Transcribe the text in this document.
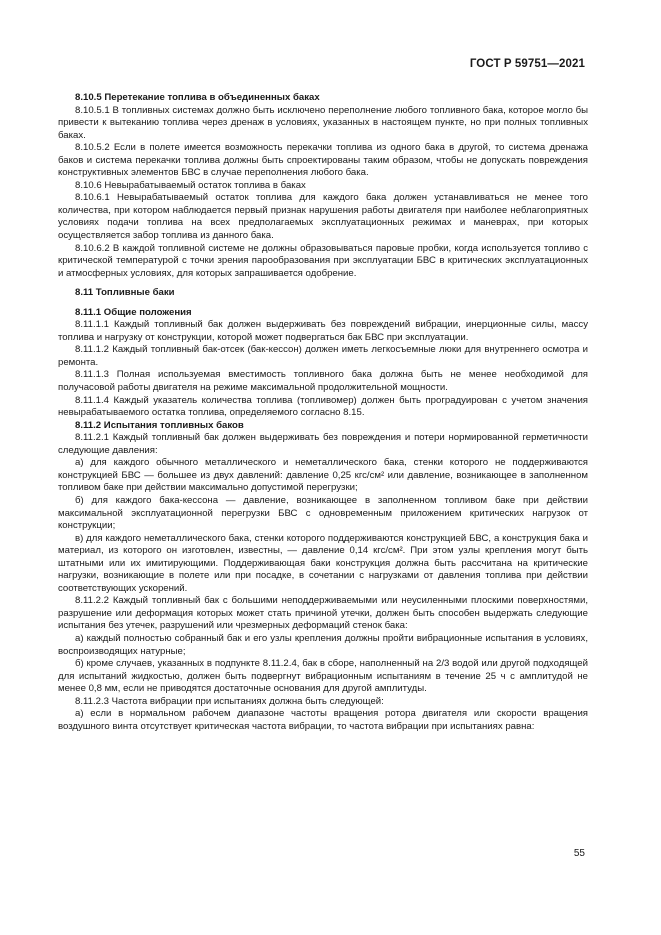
ГОСТ Р 59751—2021

8.10.5 Перетекание топлива в объединенных баках

8.10.5.1 В топливных системах должно быть исключено переполнение любого топливного бака, которое могло бы привести к вытеканию топлива через дренаж в условиях, указанных в настоящем пункте, но при полных топливных баках.

8.10.5.2 Если в полете имеется возможность перекачки топлива из одного бака в другой, то система дренажа баков и система перекачки топлива должны быть спроектированы таким образом, чтобы не допускать повреждения конструктивных элементов БВС в случае переполнения любого бака.

8.10.6 Невырабатываемый остаток топлива в баках

8.10.6.1 Невырабатываемый остаток топлива для каждого бака должен устанавливаться не менее того количества, при котором наблюдается первый признак нарушения работы двигателя при наиболее неблагоприятных условиях подачи топлива на всех предполагаемых эксплуатационных режимах и маневрах, при которых осуществляется забор топлива из данного бака.

8.10.6.2 В каждой топливной системе не должны образовываться паровые пробки, когда используется топливо с критической температурой с точки зрения парообразования при эксплуатации БВС в критических эксплуатационных и атмосферных условиях, для которых запрашивается одобрение.

8.11 Топливные баки

8.11.1 Общие положения

8.11.1.1 Каждый топливный бак должен выдерживать без повреждений вибрации, инерционные силы, массу топлива и нагрузку от конструкции, которой может подвергаться бак БВС при эксплуатации.

8.11.1.2 Каждый топливный бак-отсек (бак-кессон) должен иметь легкосъемные люки для внутреннего осмотра и ремонта.

8.11.1.3 Полная используемая вместимость топливного бака должна быть не менее необходимой для получасовой работы двигателя на режиме максимальной продолжительной мощности.

8.11.1.4 Каждый указатель количества топлива (топливомер) должен быть проградуирован с учетом значения невырабатываемого остатка топлива, определяемого согласно 8.15.

8.11.2 Испытания топливных баков

8.11.2.1 Каждый топливный бак должен выдерживать без повреждения и потери нормированной герметичности следующие давления:

а) для каждого обычного металлического и неметаллического бака, стенки которого не поддерживаются конструкцией БВС — большее из двух давлений: давление 0,25 кгс/см² или давление, возникающее в заполненном топливом баке при действии максимально допустимой перегрузки;

б) для каждого бака-кессона — давление, возникающее в заполненном топливом баке при действии максимальной эксплуатационной перегрузки БВС с одновременным приложением критических нагрузок от конструкции;

в) для каждого неметаллического бака, стенки которого поддерживаются конструкцией БВС, а конструкция бака и материал, из которого он изготовлен, известны, — давление 0,14 кгс/см². При этом узлы крепления могут быть штатными или их имитирующими. Поддерживающая баки конструкция должна быть рассчитана на критические нагрузки, возникающие в полете или при посадке, в сочетании с нагрузками от давления топлива при действии соответствующих ускорений.

8.11.2.2 Каждый топливный бак с большими неподдерживаемыми или неусиленными плоскими поверхностями, разрушение или деформация которых может стать причиной утечки, должен быть способен выдержать следующие испытания без утечек, разрушений или чрезмерных деформаций стенок бака:

а) каждый полностью собранный бак и его узлы крепления должны пройти вибрационные испытания в условиях, воспроизводящих натурные;

б) кроме случаев, указанных в подпункте 8.11.2.4, бак в сборе, наполненный на 2/3 водой или другой подходящей для испытаний жидкостью, должен быть подвергнут вибрационным испытаниям в течение 25 ч с амплитудой не менее 0,8 мм, если не приводятся достаточные основания для другой амплитуды.

8.11.2.3 Частота вибрации при испытаниях должна быть следующей:

а) если в нормальном рабочем диапазоне частоты вращения ротора двигателя или скорости вращения воздушного винта отсутствует критическая частота вибрации, то частота вибрации при испытаниях равна:

55
